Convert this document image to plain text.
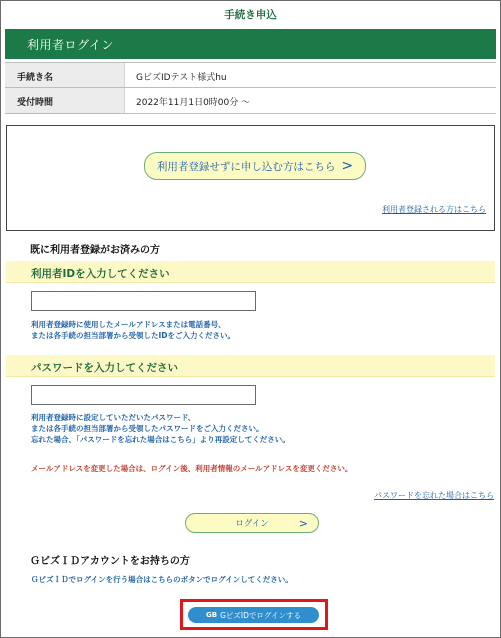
手続き申込
利用者ログイン
手続き名	GビズIDテスト様式hu
受付時間	2022年11月1日0時00分 ～
利用者登録せずに申し込む方はこちら >
利用者登録される方はこちら
既に利用者登録がお済みの方
利用者IDを入力してください
利用者登録時に使用したメールアドレスまたは電話番号、
または各手続の担当部署から受領したIDをご入力ください。
パスワードを入力してください
利用者登録時に設定していただいたパスワード、
または各手続の担当部署から受領したパスワードをご入力ください。
忘れた場合、「パスワードを忘れた場合はこちら」より再設定してください。
メールアドレスを変更した場合は、ログイン後、利用者情報のメールアドレスを変更ください。
パスワードを忘れた場合はこちら
ログイン	>
ＧビズＩＤアカウントをお持ちの方
ＧビズＩＤでログインを行う場合はこちらのボタンでログインしてください。
GB GビズIDでログインする
